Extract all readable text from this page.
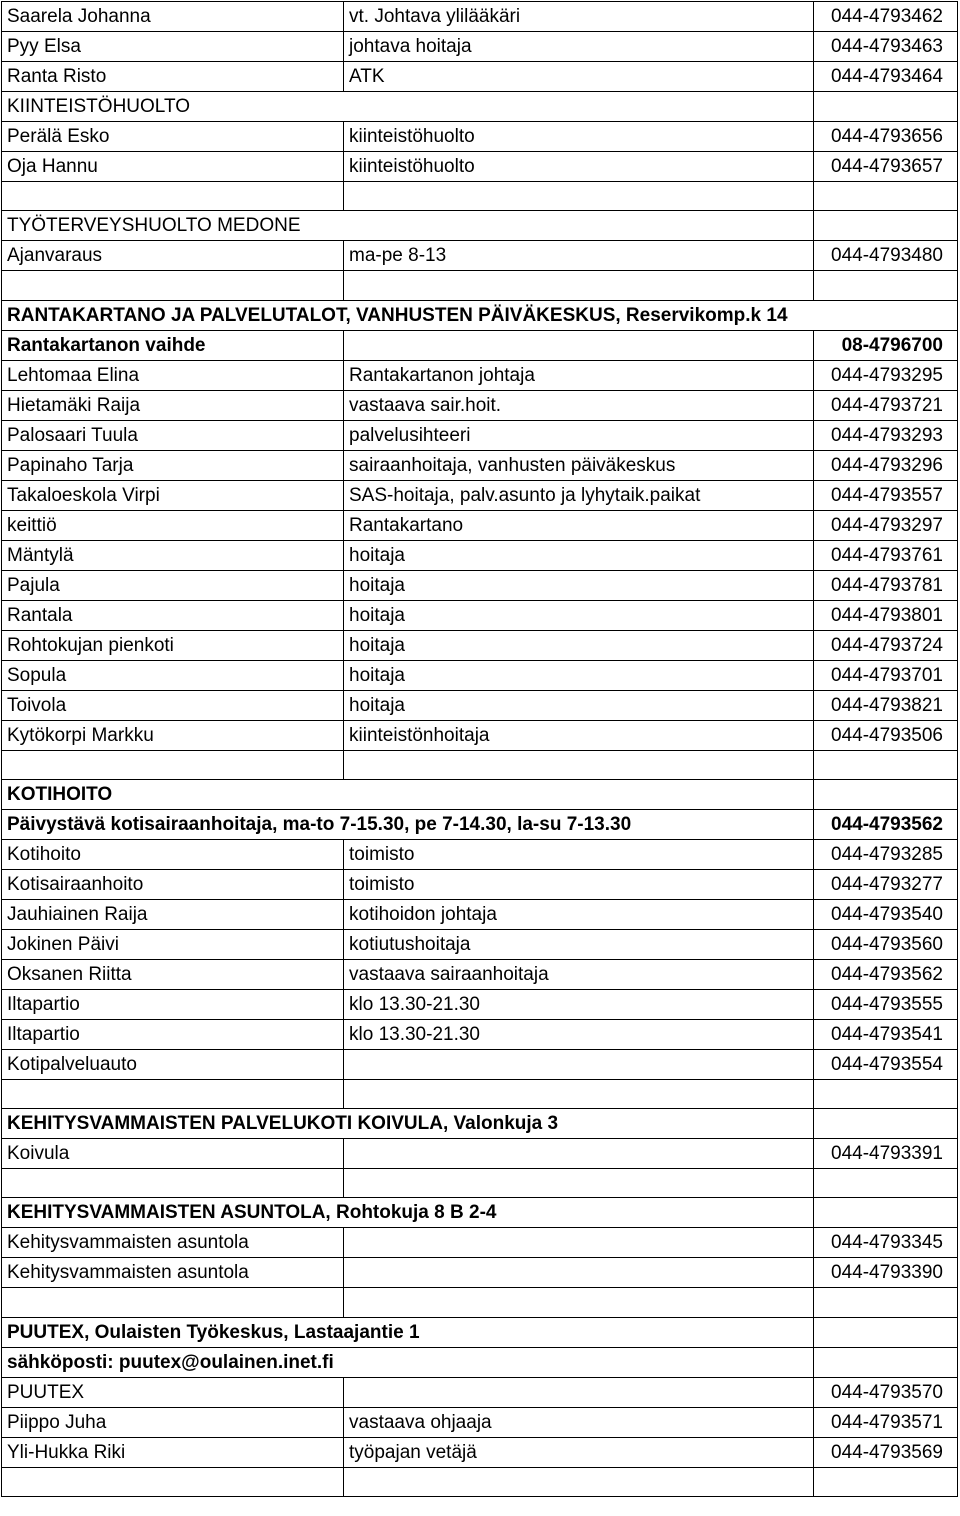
Saarela Johanna	vt. Johtava ylilääkäri	044-4793462
Pyy Elsa	johtava hoitaja	044-4793463
Ranta Risto	ATK	044-4793464
KIINTEISTÖHUOLTO		
Perälä Esko	kiinteistöhuolto	044-4793656
Oja Hannu	kiinteistöhuolto	044-4793657

TYÖTERVEYSHUOLTO MEDONE		
Ajanvaraus	ma-pe 8-13	044-4793480

RANTAKARTANO JA PALVELUTALOT, VANHUSTEN PÄIVÄKESKUS, Reservikomp.k 14		
Rantakartanon vaihde		08-4796700
Lehtomaa Elina	Rantakartanon johtaja	044-4793295
Hietamäki Raija	vastaava sair.hoit.	044-4793721
Palosaari Tuula	palvelusihteeri	044-4793293
Papinaho Tarja	sairaanhoitaja, vanhusten päiväkeskus	044-4793296
Takaloeskola Virpi	SAS-hoitaja, palv.asunto ja lyhytaik.paikat	044-4793557
keittiö	Rantakartano	044-4793297
Mäntylä	hoitaja	044-4793761
Pajula	hoitaja	044-4793781
Rantala	hoitaja	044-4793801
Rohtokujan pienkoti	hoitaja	044-4793724
Sopula	hoitaja	044-4793701
Toivola	hoitaja	044-4793821
Kytökorpi Markku	kiinteistönhoitaja	044-4793506

KOTIHOITO		
Päivystävä kotisairaanhoitaja, ma-to 7-15.30, pe 7-14.30, la-su 7-13.30		044-4793562
Kotihoito	toimisto	044-4793285
Kotisairaanhoito	toimisto	044-4793277
Jauhiainen Raija	kotihoidon johtaja	044-4793540
Jokinen Päivi	kotiutushoitaja	044-4793560
Oksanen Riitta	vastaava sairaanhoitaja	044-4793562
Iltapartio	klo 13.30-21.30	044-4793555
Iltapartio	klo 13.30-21.30	044-4793541
Kotipalveluauto		044-4793554

KEHITYSVAMMAISTEN PALVELUKOTI KOIVULA, Valonkuja 3		
Koivula		044-4793391

KEHITYSVAMMAISTEN ASUNTOLA, Rohtokuja 8 B 2-4		
Kehitysvammaisten asuntola		044-4793345
Kehitysvammaisten asuntola		044-4793390

PUUTEX, Oulaisten Työkeskus, Lastaajantie 1		
sähköposti: puutex@oulainen.inet.fi		
PUUTEX		044-4793570
Piippo Juha	vastaava ohjaaja	044-4793571
Yli-Hukka Riki	työpajan vetäjä	044-4793569
